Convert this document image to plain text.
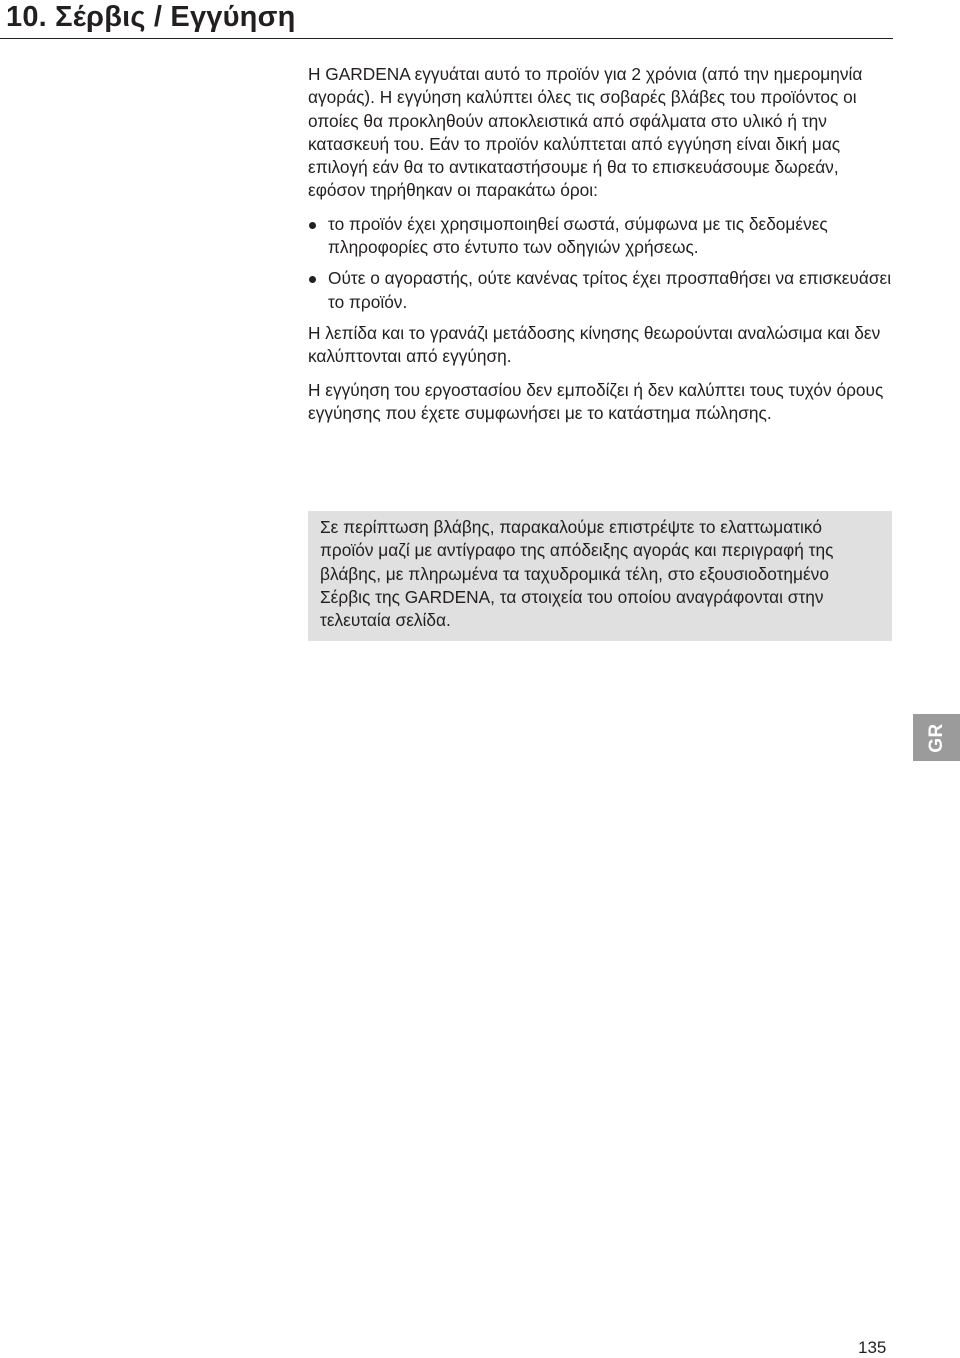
10. Σέρβις / Εγγύηση

Η GARDENA εγγυάται αυτό το προϊόν για 2 χρόνια (από την ημερομηνία αγοράς). Η εγγύηση καλύπτει όλες τις σοβαρές βλάβες του προϊόντος οι οποίες θα προκληθούν αποκλειστικά από σφάλματα στο υλικό ή την κατασκευή του. Εάν το προϊόν καλύπτεται από εγγύηση είναι δική μας επιλογή εάν θα το αντικαταστήσουμε ή θα το επισκευάσουμε δωρεάν, εφόσον τηρήθηκαν οι παρακάτω όροι:

το προϊόν έχει χρησιμοποιηθεί σωστά, σύμφωνα με τις δεδομένες πληροφορίες στο έντυπο των οδηγιών χρήσεως.
Ούτε ο αγοραστής, ούτε κανένας τρίτος έχει προσπαθήσει να επισκευάσει το προϊόν.

Η λεπίδα και το γρανάζι μετάδοσης κίνησης θεωρούνται αναλώσιμα και δεν καλύπτονται από εγγύηση.

Η εγγύηση του εργοστασίου δεν εμποδίζει ή δεν καλύπτει τους τυχόν όρους εγγύησης που έχετε συμφωνήσει με το κατάστημα πώλησης.

Σε περίπτωση βλάβης, παρακαλούμε επιστρέψτε το ελαττωματικό προϊόν μαζί με αντίγραφο της απόδειξης αγοράς και περιγραφή της βλάβης, με πληρωμένα τα ταχυδρομικά τέλη, στο εξουσιοδοτημένο Σέρβις της GARDENA, τα στοιχεία του οποίου αναγράφονται στην τελευταία σελίδα.

GR
135
